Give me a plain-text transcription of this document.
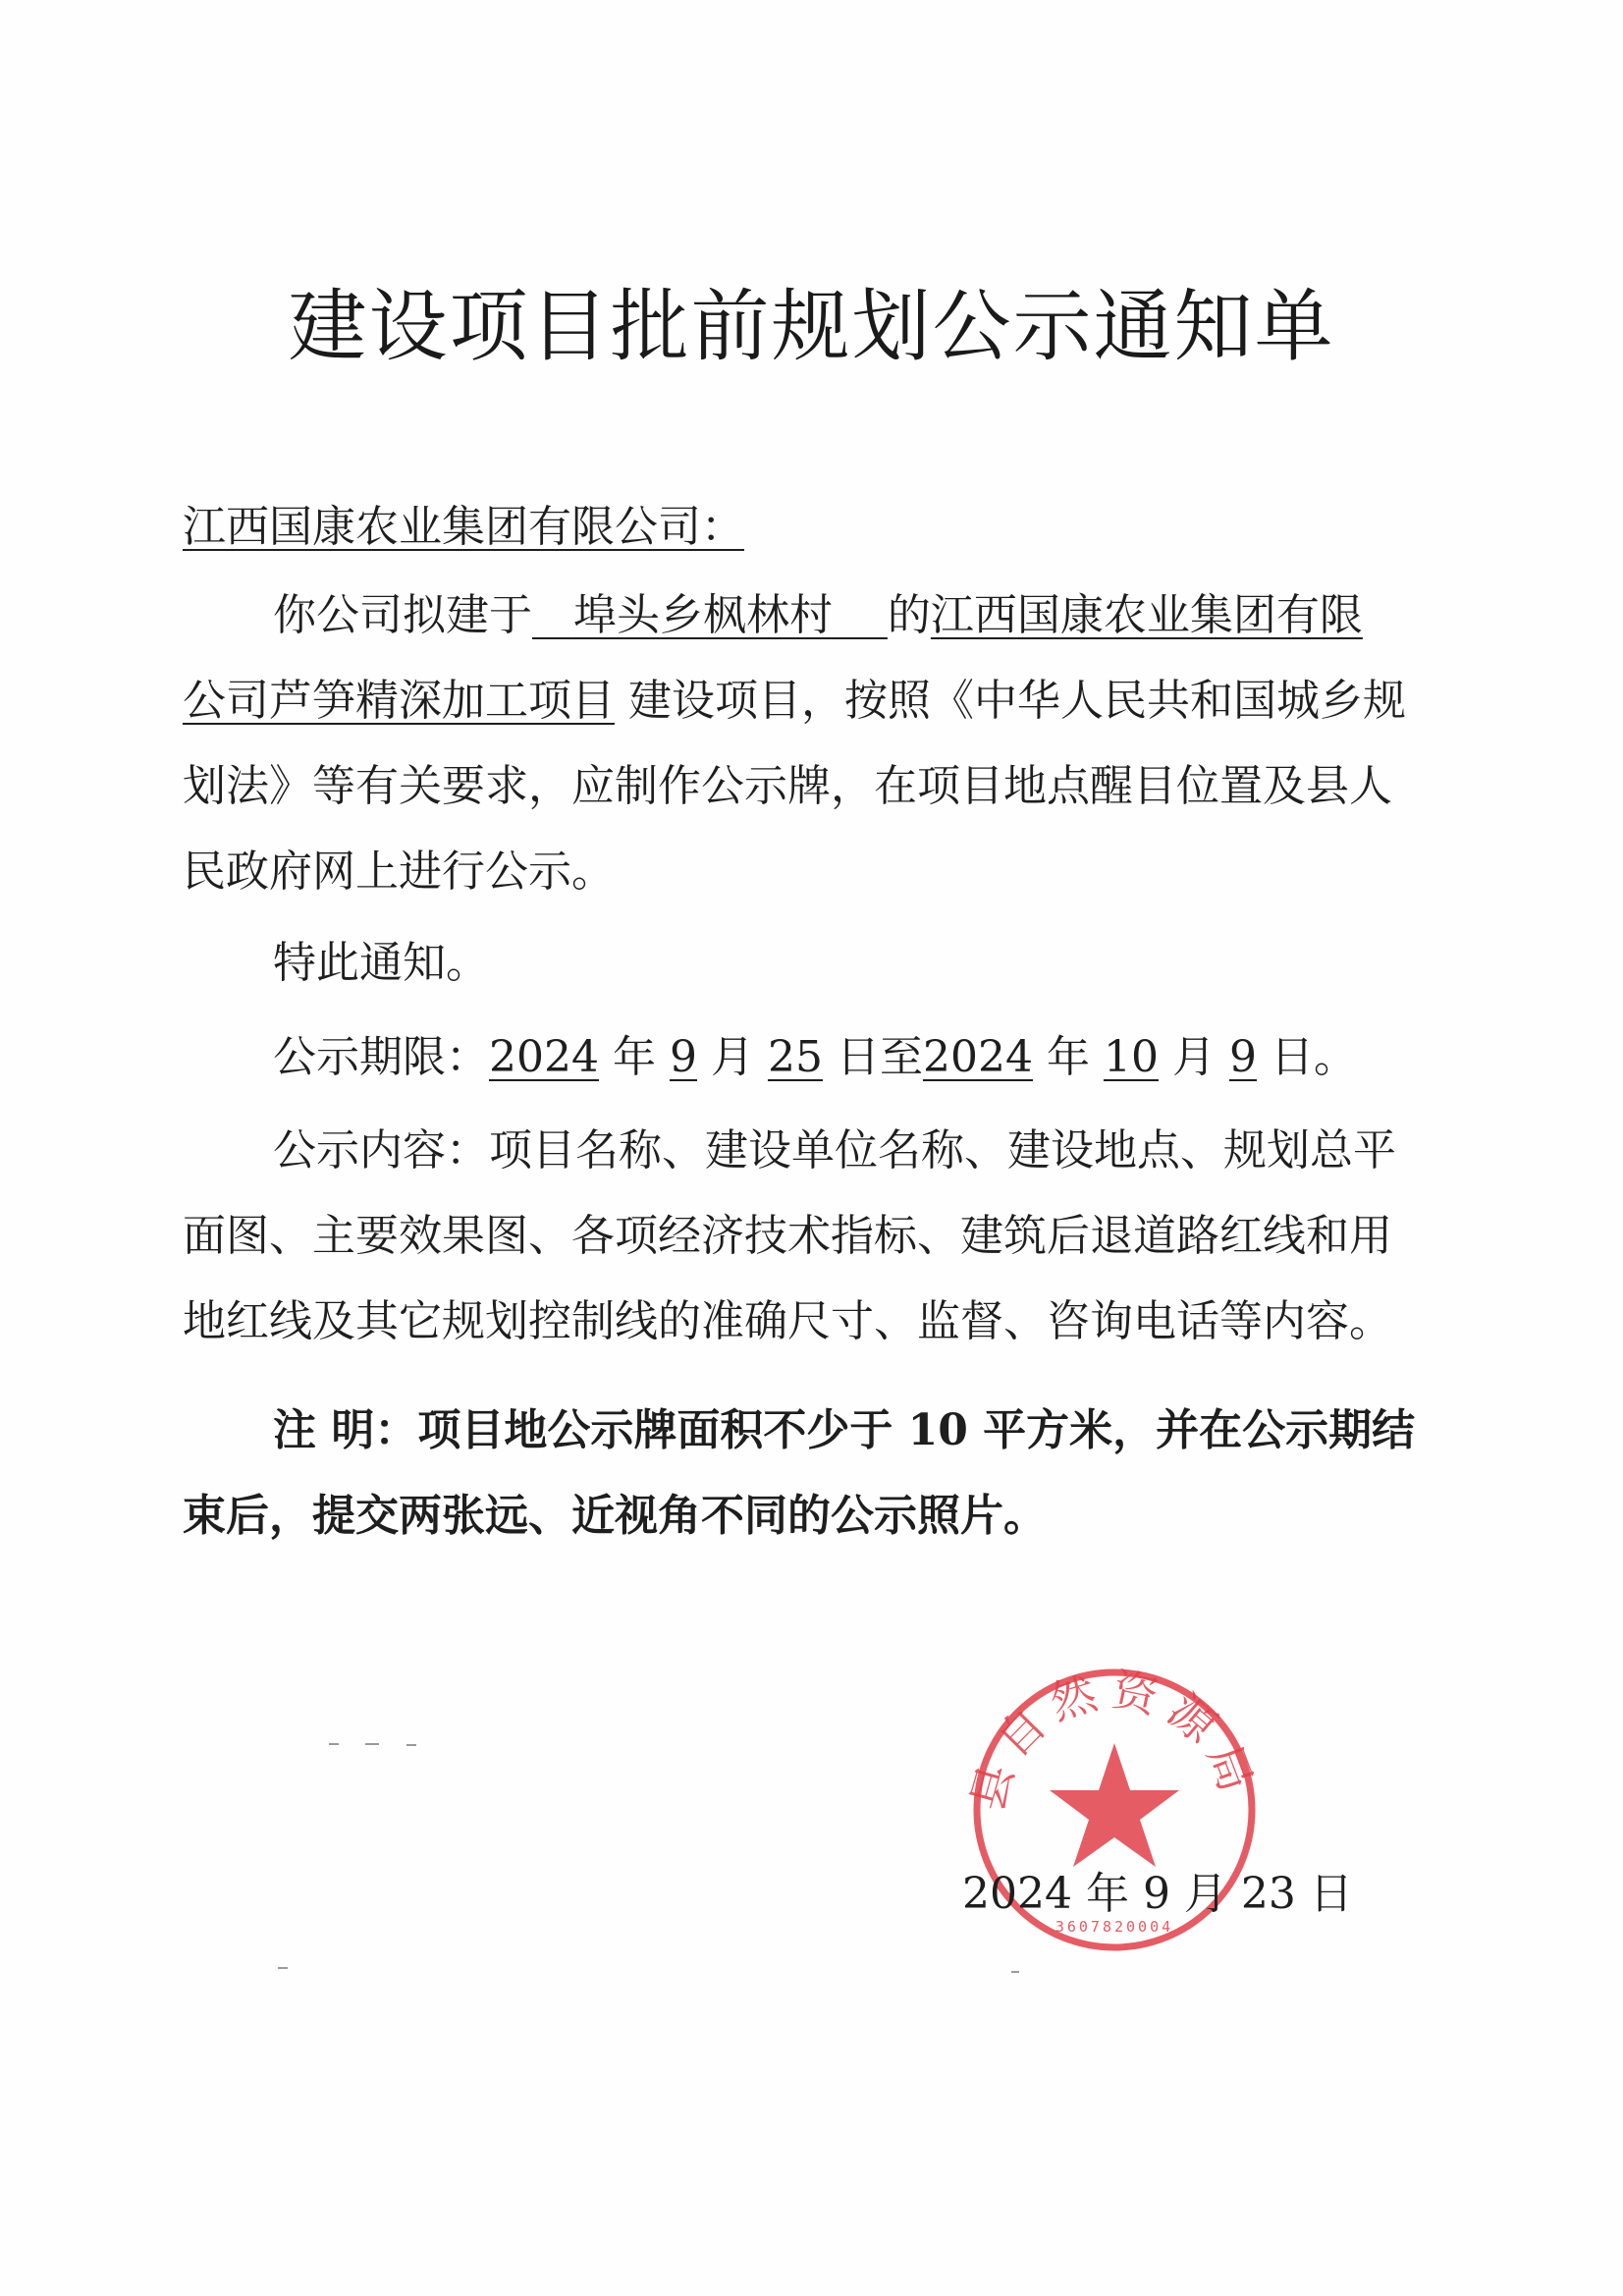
建设项目批前规划公示通知单
江西国康农业集团有限公司：
你公司拟建于 埠头乡枫林村 的江西国康农业集团有限
公司芦笋精深加工项目 建设项目，按照《中华人民共和国城乡规
划法》等有关要求，应制作公示牌，在项目地点醒目位置及县人
民政府网上进行公示。
特此通知。
公示期限：2024 年 9 月 25 日至2024 年 10 月 9 日。
公示内容：项目名称、建设单位名称、建设地点、规划总平
面图、主要效果图、各项经济技术指标、建筑后退道路红线和用
地红线及其它规划控制线的准确尺寸、监督、咨询电话等内容。
注 明：项目地公示牌面积不少于 10 平方米，并在公示期结
束后，提交两张远、近视角不同的公示照片。
县自然资源局
3607820004
2024 年 9 月 23 日
